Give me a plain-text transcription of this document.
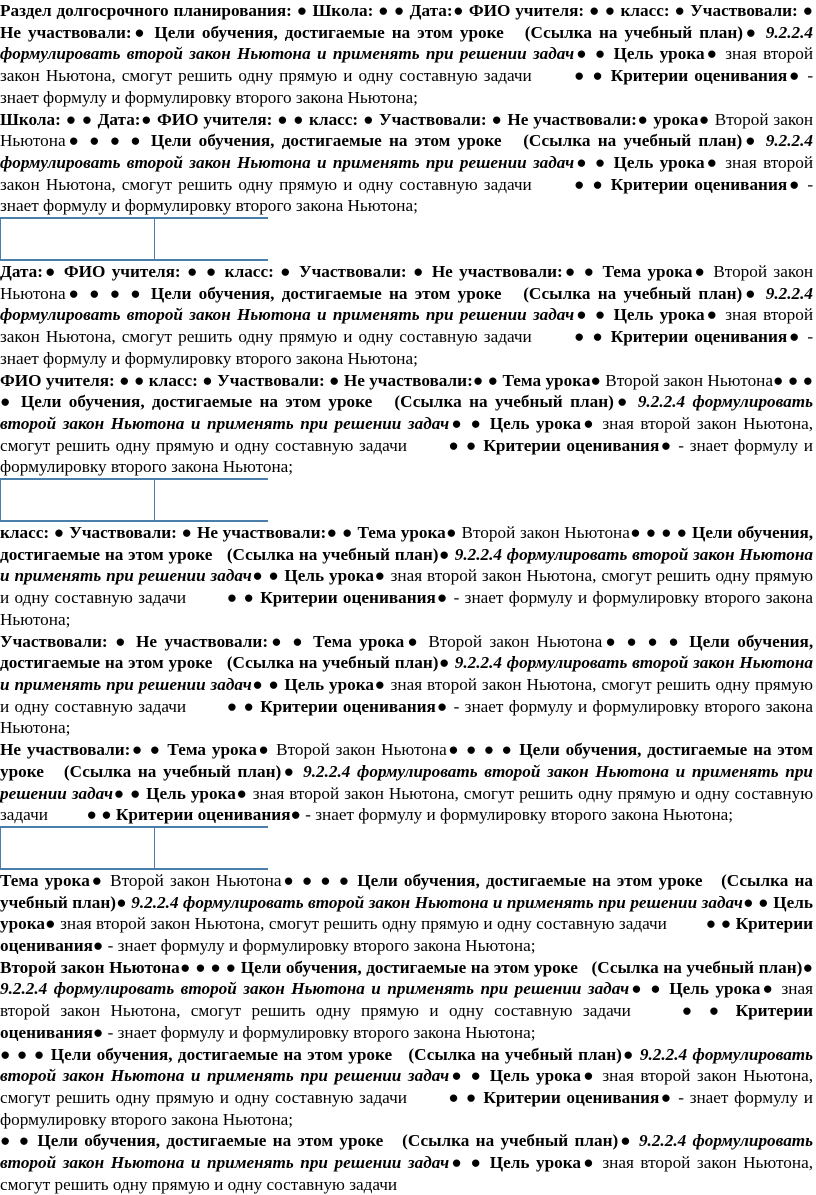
Раздел долгосрочного планирования: ● Школа: ● ● Дата:● ФИО учителя: ● ● класс: ● Участвовали: ● Не участвовали:● Цели обучения, достигаемые на этом уроке (Ссылка на учебный план)● 9.2.2.4 формулировать второй закон Ньютона и применять при решении задач● ● Цель урока● зная второй закон Ньютона, смогут решить одну прямую и одну составную задачи ● ● Критерии оценивания● - знает формулу и формулировку второго закона Ньютона;

Школа: ● ● Дата:● ФИО учителя: ● ● класс: ● Участвовали: ● Не участвовали:● урока● Второй закон Ньютона● ● ● ● Цели обучения, достигаемые на этом уроке (Ссылка на учебный план)● 9.2.2.4 формулировать второй закон Ньютона и применять при решении задач● ● Цель урока● зная второй закон Ньютона, смогут решить одну прямую и одну составную задачи ● ● Критерии оценивания● - знает формулу и формулировку второго закона Ньютона;

Дата:● ФИО учителя: ● ● класс: ● Участвовали: ● Не участвовали:● ● Тема урока● Второй закон Ньютона● ● ● ● Цели обучения, достигаемые на этом уроке (Ссылка на учебный план)● 9.2.2.4 формулировать второй закон Ньютона и применять при решении задач● ● Цель урока● зная второй закон Ньютона, смогут решить одну прямую и одну составную задачи ● ● Критерии оценивания● - знает формулу и формулировку второго закона Ньютона;

ФИО учителя: ● ● класс: ● Участвовали: ● Не участвовали:● ● Тема урока● Второй закон Ньютона● ● ● ● Цели обучения, достигаемые на этом уроке (Ссылка на учебный план)● 9.2.2.4 формулировать второй закон Ньютона и применять при решении задач● ● Цель урока● зная второй закон Ньютона, смогут решить одну прямую и одну составную задачи ● ● Критерии оценивания● - знает формулу и формулировку второго закона Ньютона;

класс: ● Участвовали: ● Не участвовали:● ● Тема урока● Второй закон Ньютона● ● ● ● Цели обучения, достигаемые на этом уроке (Ссылка на учебный план)● 9.2.2.4 формулировать второй закон Ньютона и применять при решении задач● ● Цель урока● зная второй закон Ньютона, смогут решить одну прямую и одну составную задачи ● ● Критерии оценивания● - знает формулу и формулировку второго закона Ньютона;

Участвовали: ● Не участвовали:● ● Тема урока● Второй закон Ньютона● ● ● ● Цели обучения, достигаемые на этом уроке (Ссылка на учебный план)● 9.2.2.4 формулировать второй закон Ньютона и применять при решении задач● ● Цель урока● зная второй закон Ньютона, смогут решить одну прямую и одну составную задачи ● ● Критерии оценивания● - знает формулу и формулировку второго закона Ньютона;

Не участвовали:● ● Тема урока● Второй закон Ньютона● ● ● ● Цели обучения, достигаемые на этом уроке (Ссылка на учебный план)● 9.2.2.4 формулировать второй закон Ньютона и применять при решении задач● ● Цель урока● зная второй закон Ньютона, смогут решить одну прямую и одну составную задачи ● ● Критерии оценивания● - знает формулу и формулировку второго закона Ньютона;

Тема урока● Второй закон Ньютона● ● ● ● Цели обучения, достигаемые на этом уроке (Ссылка на учебный план)● 9.2.2.4 формулировать второй закон Ньютона и применять при решении задач● ● Цель урока● зная второй закон Ньютона, смогут решить одну прямую и одну составную задачи ● ● Критерии оценивания● - знает формулу и формулировку второго закона Ньютона;

Второй закон Ньютона● ● ● ● Цели обучения, достигаемые на этом уроке (Ссылка на учебный план)● 9.2.2.4 формулировать второй закон Ньютона и применять при решении задач● ● Цель урока● зная второй закон Ньютона, смогут решить одну прямую и одну составную задачи	● ● Критерии оценивания● - знает формулу и формулировку второго закона Ньютона;

● ● ● Цели обучения, достигаемые на этом уроке (Ссылка на учебный план)● 9.2.2.4 формулировать второй закон Ньютона и применять при решении задач● ● Цель урока● зная второй закон Ньютона, смогут решить одну прямую и одну составную задачи ● ● Критерии оценивания● - знает формулу и формулировку второго закона Ньютона;

● ● Цели обучения, достигаемые на этом уроке (Ссылка на учебный план)● 9.2.2.4 формулировать второй закон Ньютона и применять при решении задач● ● Цель урока● зная второй закон Ньютона, смогут решить одну прямую и одну составную задачи
